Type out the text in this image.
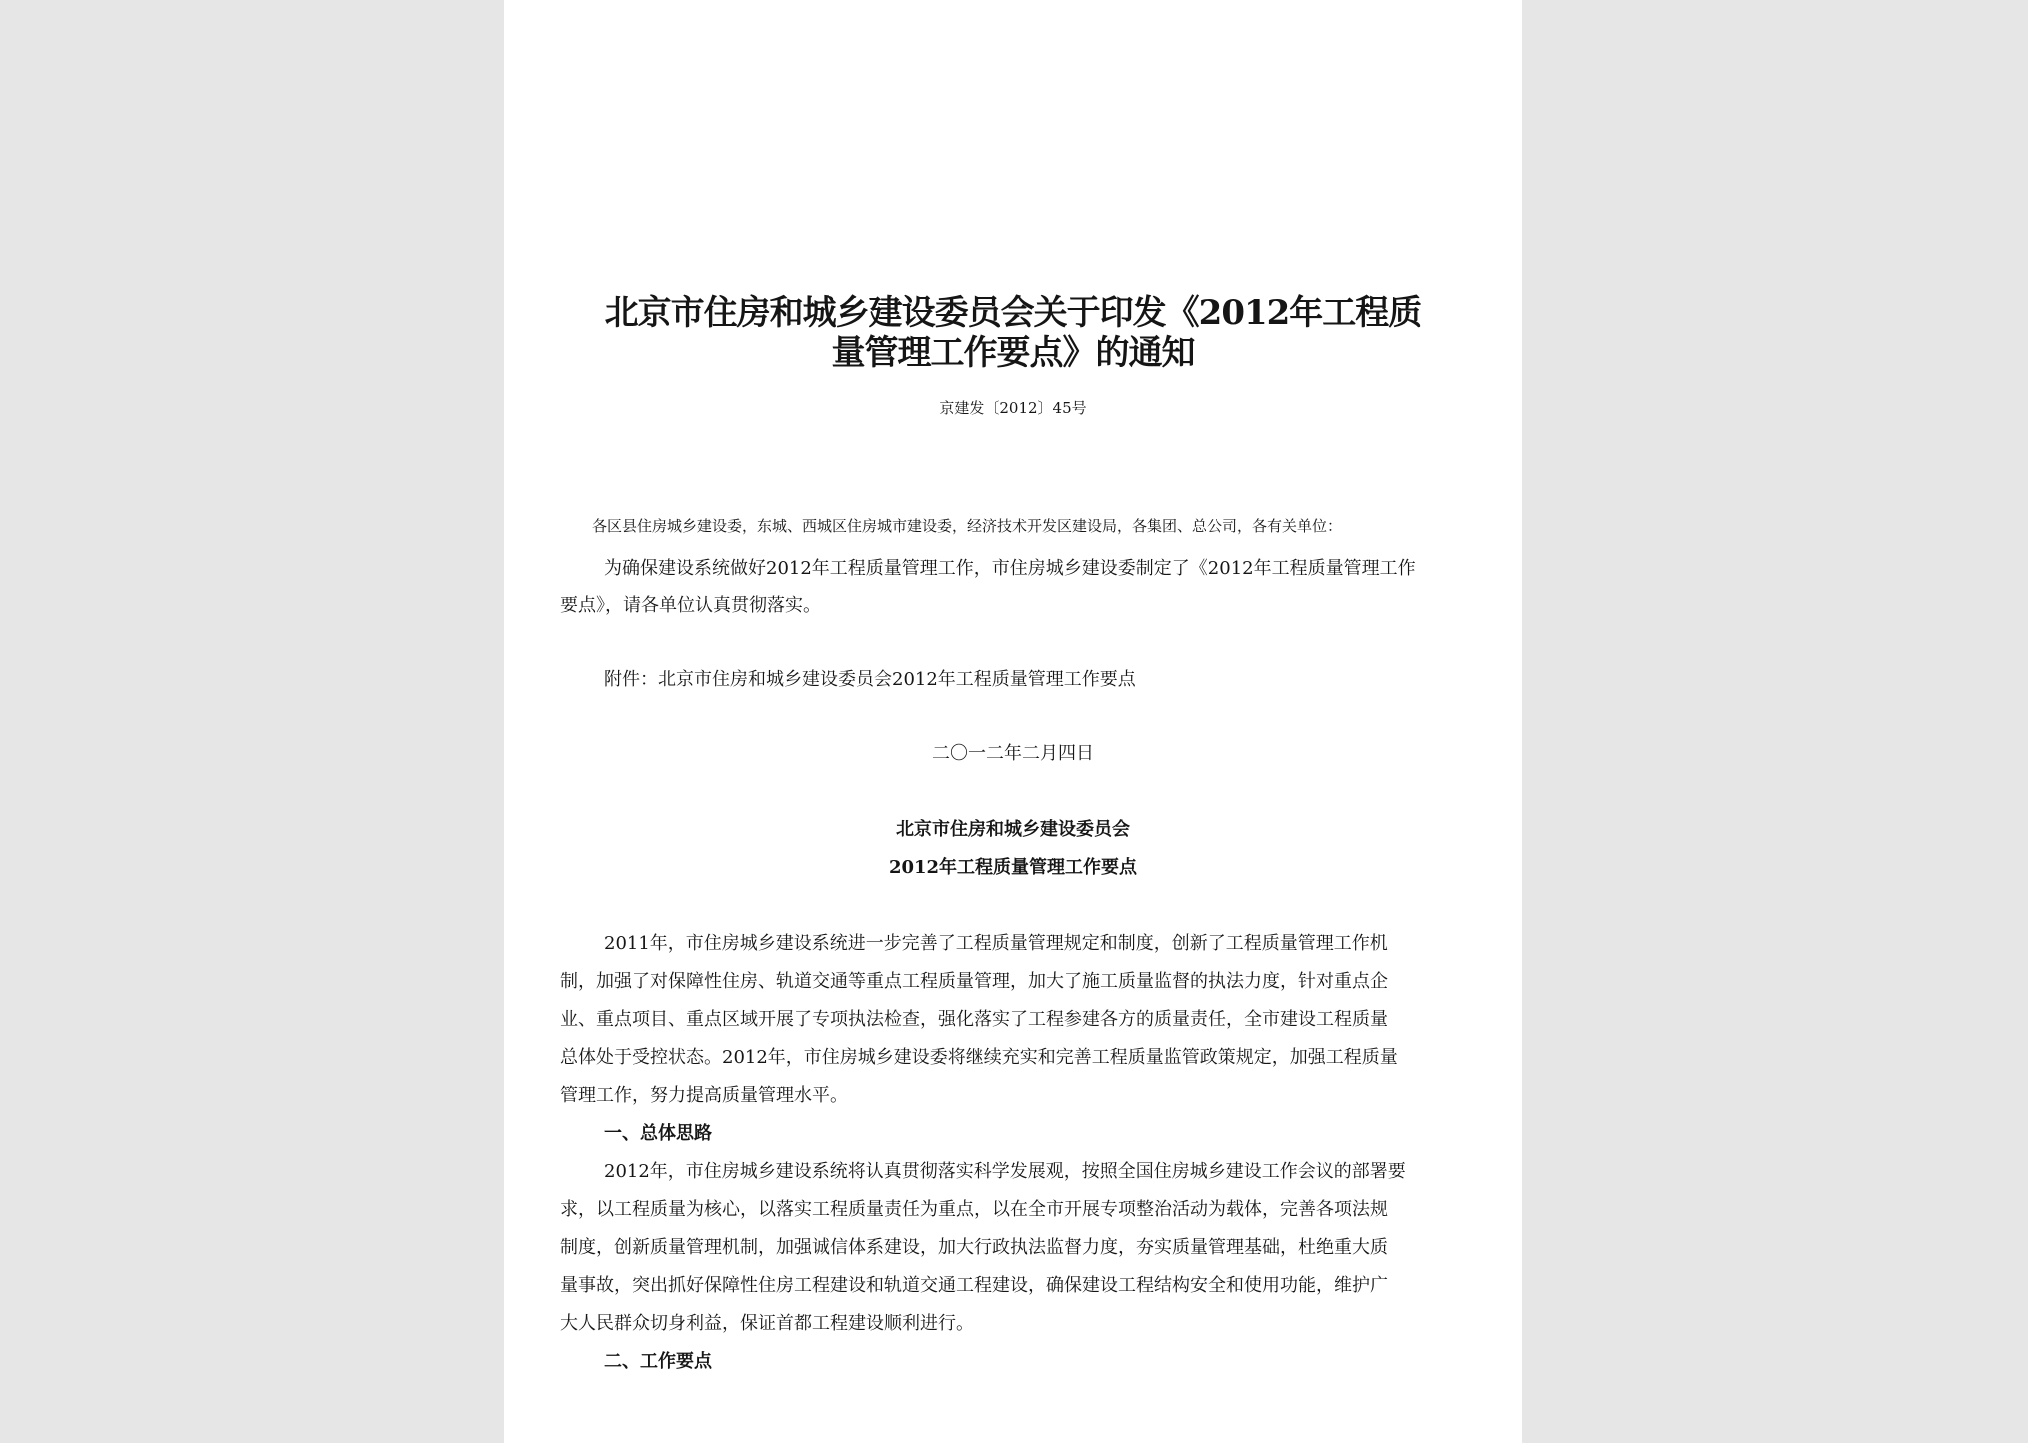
北京市住房和城乡建设委员会关于印发《2012年工程质
量管理工作要点》的通知
京建发〔2012〕45号
各区县住房城乡建设委，东城、西城区住房城市建设委，经济技术开发区建设局，各集团、总公司，各有关单位：
为确保建设系统做好2012年工程质量管理工作，市住房城乡建设委制定了《2012年工程质量管理工作
要点》，请各单位认真贯彻落实。
附件：北京市住房和城乡建设委员会2012年工程质量管理工作要点
二〇一二年二月四日
北京市住房和城乡建设委员会
2012年工程质量管理工作要点
2011年，市住房城乡建设系统进一步完善了工程质量管理规定和制度，创新了工程质量管理工作机
制，加强了对保障性住房、轨道交通等重点工程质量管理，加大了施工质量监督的执法力度，针对重点企
业、重点项目、重点区域开展了专项执法检查，强化落实了工程参建各方的质量责任，全市建设工程质量
总体处于受控状态。2012年，市住房城乡建设委将继续充实和完善工程质量监管政策规定，加强工程质量
管理工作，努力提高质量管理水平。
一、总体思路
2012年，市住房城乡建设系统将认真贯彻落实科学发展观，按照全国住房城乡建设工作会议的部署要
求，以工程质量为核心，以落实工程质量责任为重点，以在全市开展专项整治活动为载体，完善各项法规
制度，创新质量管理机制，加强诚信体系建设，加大行政执法监督力度，夯实质量管理基础，杜绝重大质
量事故，突出抓好保障性住房工程建设和轨道交通工程建设，确保建设工程结构安全和使用功能，维护广
大人民群众切身利益，保证首都工程建设顺利进行。
二、工作要点
